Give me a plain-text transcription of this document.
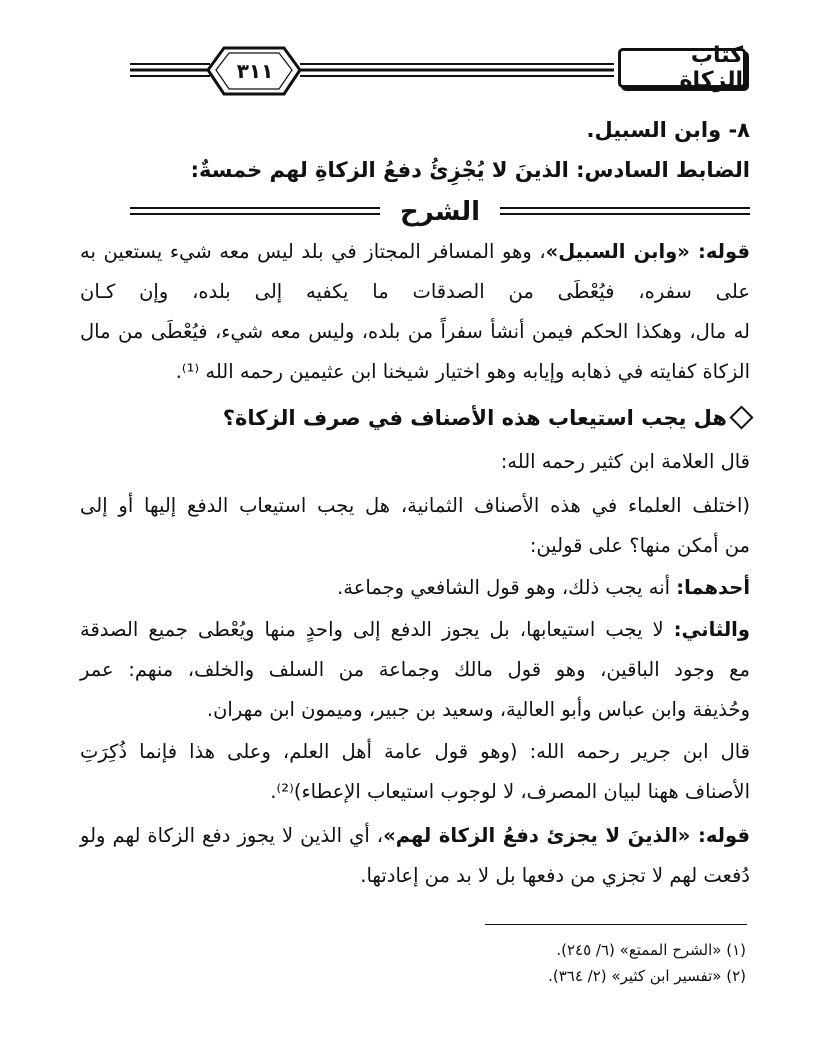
٣١١
كتاب الزكاة
٨- وابن السبيل.
الضابط السادس: الذينَ لا يُجْزِئُ دفعُ الزكاةِ لهم خمسةٌ:
الشرح
قوله: «وابن السبيل»، وهو المسافر المجتاز في بلد ليس معه شيء يستعين به
على سفره، فيُعْطَى من الصدقات ما يكفيه إلى بلده، وإن كـان
له مال، وهكذا الحكم فيمن أنشأ سفراً من بلده، وليس معه شيء، فيُعْطَى من مال
الزكاة كفايته في ذهابه وإيابه وهو اختيار شيخنا ابن عثيمين رحمه الله ⁽¹⁾.
هل يجب استيعاب هذه الأصناف في صرف الزكاة؟
قال العلامة ابن كثير رحمه الله:
(اختلف العلماء في هذه الأصناف الثمانية، هل يجب استيعاب الدفع إليها أو إلى
من أمكن منها؟ على قولين:
أحدهما: أنه يجب ذلك، وهو قول الشافعي وجماعة.
والثاني: لا يجب استيعابها، بل يجوز الدفع إلى واحدٍ منها ويُعْطى جميع الصدقة
مع وجود الباقين، وهو قول مالك وجماعة من السلف والخلف، منهم: عمر
وحُذيفة وابن عباس وأبو العالية، وسعيد بن جبير، وميمون ابن مهران.
قال ابن جرير رحمه الله: (وهو قول عامة أهل العلم، وعلى هذا فإنما ذُكِرَتِ
الأصناف ههنا لبيان المصرف، لا لوجوب استيعاب الإعطاء)⁽²⁾.
قوله: «الذينَ لا يجزئ دفعُ الزكاة لهم»، أي الذين لا يجوز دفع الزكاة لهم ولو
دُفعت لهم لا تجزي من دفعها بل لا بد من إعادتها.
(١) «الشرح الممتع» (٦/ ٢٤٥).
(٢) «تفسير ابن كثير» (٢/ ٣٦٤).
